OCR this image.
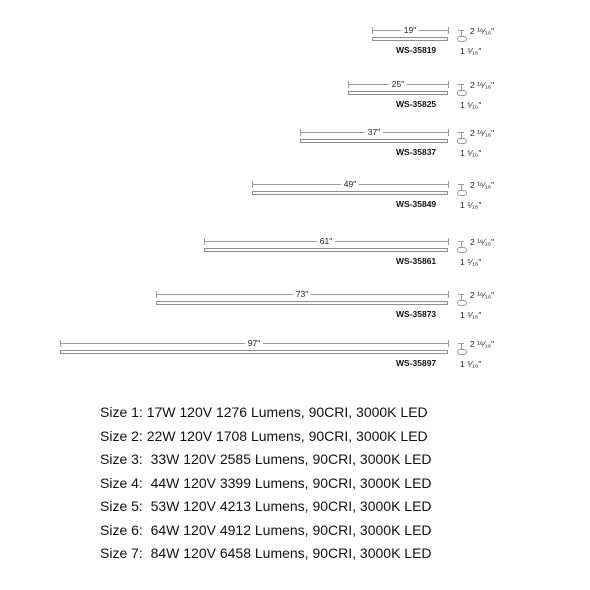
19"
WS-35819
2 ¹⁶⁄₁₆"
1 ⁵⁄₁₆"
25"
WS-35825
2 ¹⁶⁄₁₆"
1 ⁵⁄₁₆"
37"
WS-35837
2 ¹⁶⁄₁₆"
1 ⁵⁄₁₆"
49"
WS-35849
2 ¹⁶⁄₁₆"
1 ⁵⁄₁₆"
61"
WS-35861
2 ¹⁶⁄₁₆"
1 ⁵⁄₁₆"
73"
WS-35873
2 ¹⁶⁄₁₆"
1 ⁵⁄₁₆"
97"
WS-35897
2 ¹⁶⁄₁₆"
1 ⁵⁄₁₆"
Size 1: 17W 120V 1276 Lumens, 90CRI, 3000K LED
Size 2: 22W 120V 1708 Lumens, 90CRI, 3000K LED
Size 3:  33W 120V 2585 Lumens, 90CRI, 3000K LED
Size 4:  44W 120V 3399 Lumens, 90CRI, 3000K LED
Size 5:  53W 120V 4213 Lumens, 90CRI, 3000K LED
Size 6:  64W 120V 4912 Lumens, 90CRI, 3000K LED
Size 7:  84W 120V 6458 Lumens, 90CRI, 3000K LED
